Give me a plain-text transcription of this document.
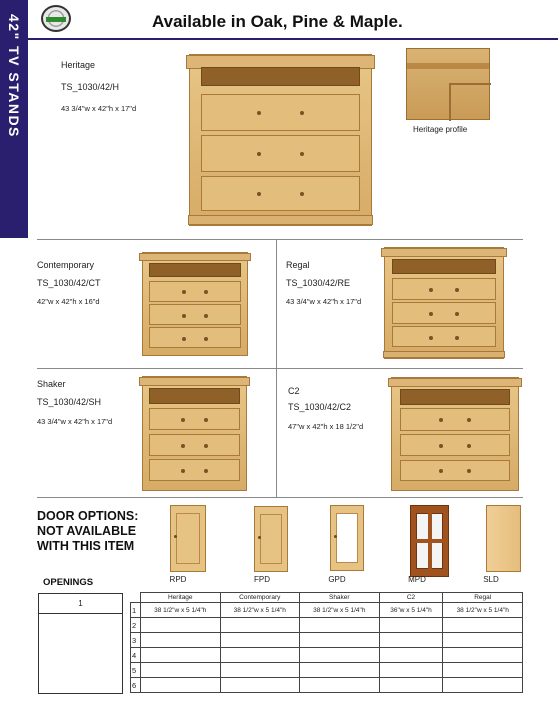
42" TV STANDS	Available in Oak, Pine & Maple.
Heritage
TS_1030/42/H
43 3/4"w x 42"h x 17"d
Heritage profile
Contemporary
TS_1030/42/CT
42"w x 42"h x 16"d
Regal
TS_1030/42/RE
43 3/4"w x 42"h x 17"d
Shaker
TS_1030/42/SH
43 3/4"w x 42"h x 17"d
C2
TS_1030/42/C2
47"w x 42"h x 18 1/2"d
DOOR OPTIONS:
NOT AVAILABLE
WITH THIS ITEM
RPD	FPD	GPD	MPD	SLD
OPENINGS
1
	Heritage	Contemporary	Shaker	C2	Regal
1	38 1/2"w x 5 1/4"h	38 1/2"w x 5 1/4"h	38 1/2"w x 5 1/4"h	36"w x 5 1/4"h	38 1/2"w x 5 1/4"h
2					
3					
4					
5					
6					
